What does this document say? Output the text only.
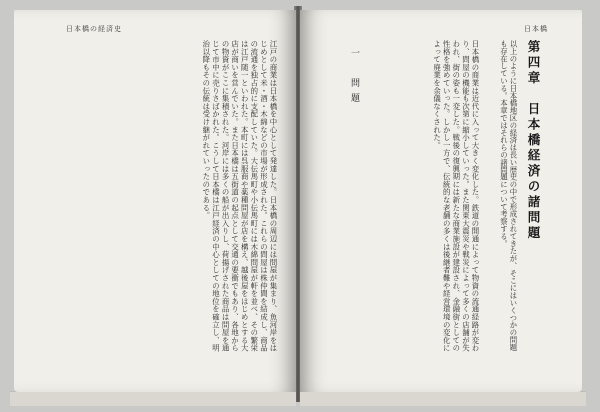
日本橋の経済史
江戸の商業は日本橋を中心として発達した。日本橋の周辺には問屋が集まり、魚河岸をはじめとして米・酒・木綿などの市場が形成された。これらの問屋は株仲間を結成し、商品の流通を独占的に支配していた。大伝馬町や小伝馬町には木綿問屋が軒を並べ、その繁栄は江戸随一といわれた。本町には呉服商や薬種問屋が店を構え、越後屋をはじめとする大店が商いを営んでいた。また日本橋は五街道の起点として交通の要衝でもあり、各地からの物資がここに集積された。河岸には多くの船が出入りし、荷揚げされた商品は問屋を通じて市中に売りさばかれた。こうして日本橋は江戸経済の中心としての地位を確立し、明治以降もその伝統は受け継がれていったのである。
日本橋
第四章　日本橋経済の諸問題
以上のように日本橋地区の経済は長い歴史の中で形成されてきたが、そこにはいくつかの問題も存在している。本章ではそれらの諸問題について考察する。
一　問題	日本橋の商業は近代に入って大きく変化した。鉄道の開通によって物資の流通経路が変わり、問屋の機能も次第に縮小していった。また関東大震災や戦災によって多くの店舗が失われ、街の姿も一変した。戦後の復興期には新たな商業施設が建設され、金融街としての性格を強めていった。しかし一方で、伝統的な老舗の多くは後継者難や経営環境の変化によって廃業を余儀なくされた。
